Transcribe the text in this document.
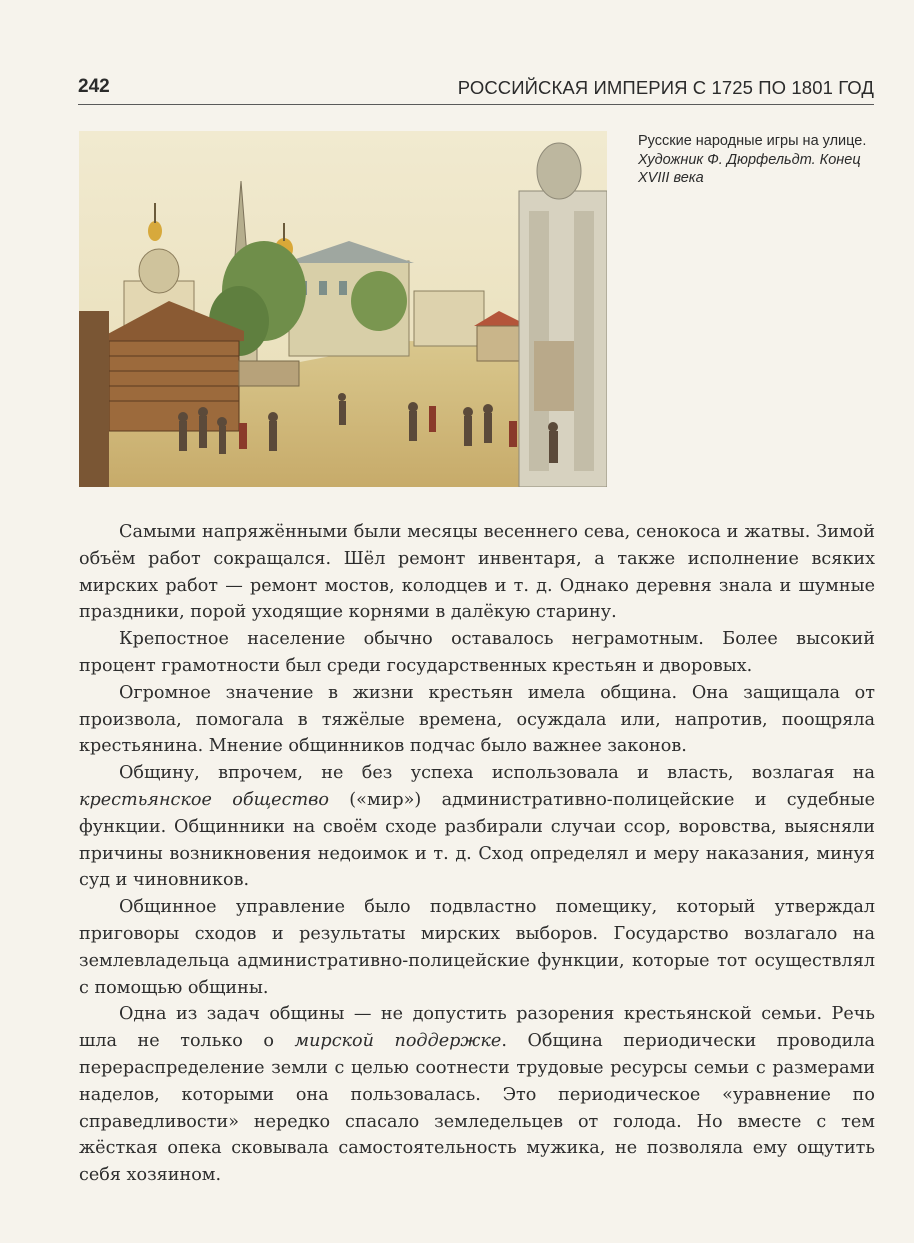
242	РОССИЙСКАЯ ИМПЕРИЯ С 1725 ПО 1801 ГОД
Русские народные игры на улице. Художник Ф. Дюрфельдт. Конец XVIII века

Самыми напряжёнными были месяцы весеннего сева, сенокоса и жатвы. Зимой объём работ сокращался. Шёл ремонт инвентаря, а также исполнение всяких мирских работ — ремонт мостов, колодцев и т. д. Однако деревня знала и шумные праздники, порой уходящие корнями в далёкую старину.

Крепостное население обычно оставалось неграмотным. Более высокий процент грамотности был среди государственных крестьян и дворовых.

Огромное значение в жизни крестьян имела община. Она защищала от произвола, помогала в тяжёлые времена, осуждала или, напротив, поощряла крестьянина. Мнение общинников подчас было важнее законов.

Общину, впрочем, не без успеха использовала и власть, возлагая на крестьянское общество («мир») административно-полицейские и судебные функции. Общинники на своём сходе разбирали случаи ссор, воровства, выясняли причины возникновения недоимок и т. д. Сход определял и меру наказания, минуя суд и чиновников.

Общинное управление было подвластно помещику, который утверждал приговоры сходов и результаты мирских выборов. Государство возлагало на землевладельца административно-полицейские функции, которые тот осуществлял с помощью общины.

Одна из задач общины — не допустить разорения крестьянской семьи. Речь шла не только о мирской поддержке. Община периодически проводила перераспределение земли с целью соотнести трудовые ресурсы семьи с размерами наделов, которыми она пользовалась. Это периодическое «уравнение по справедливости» нередко спасало земледельцев от голода. Но вместе с тем жёсткая опека сковывала самостоятельность мужика, не позволяла ему ощутить себя хозяином.
